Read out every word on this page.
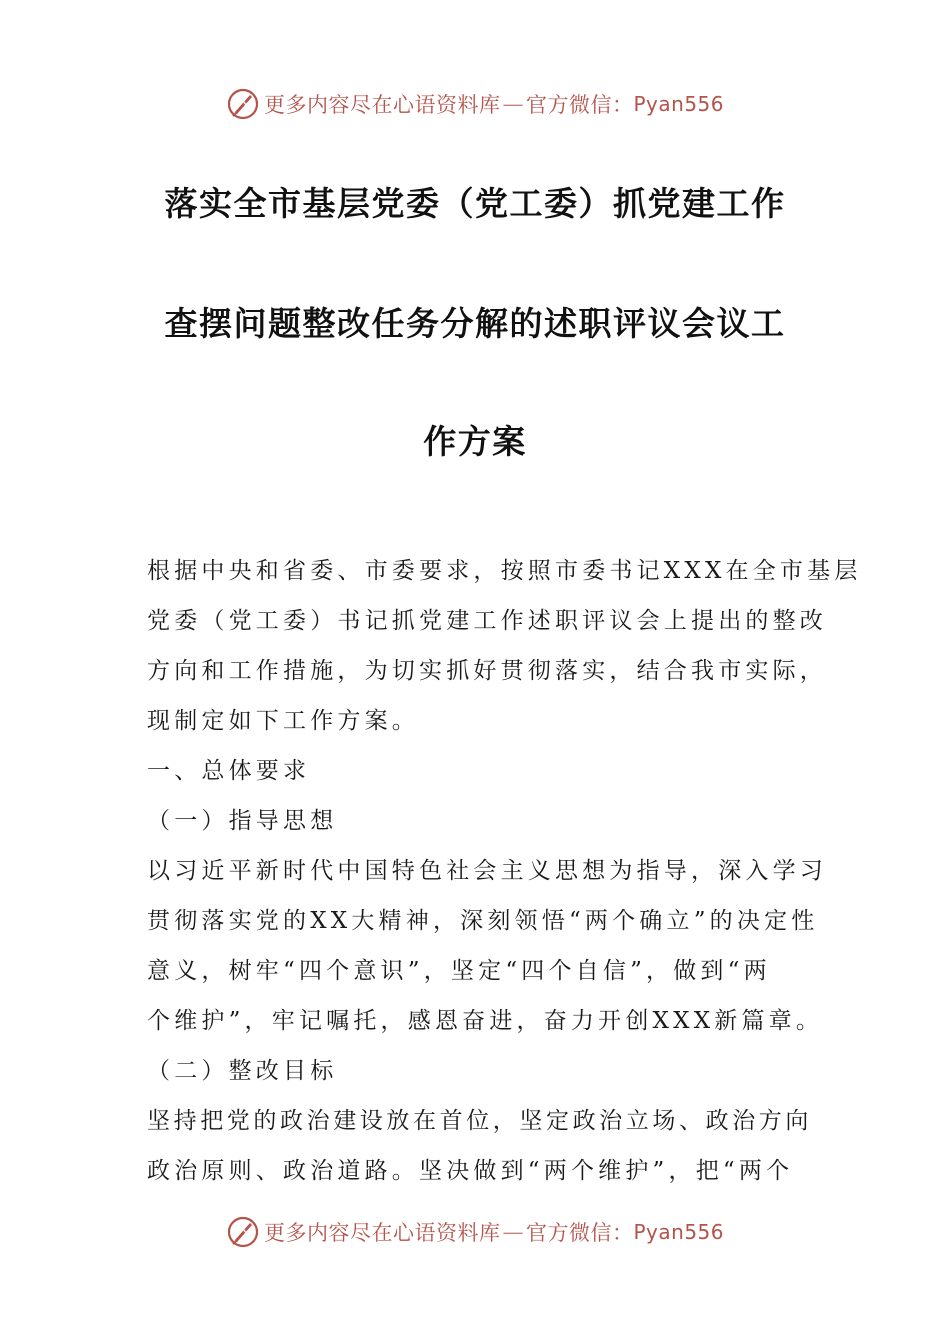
更多内容尽在心语资料库 — 官方微信： Pyan556
落实全市基层党委（党工委）抓党建工作
查摆问题整改任务分解的述职评议会议工
作方案
根据中央和省委、市委要求，按照市委书记XXX在全市基层
党委（党工委）书记抓党建工作述职评议会上提出的整改
方向和工作措施，为切实抓好贯彻落实，结合我市实际，
现制定如下工作方案。
一、总体要求
（一）指导思想
以习近平新时代中国特色社会主义思想为指导，深入学习
贯彻落实党的XX大精神，深刻领悟“两个确立”的决定性
意义，树牢“四个意识”，坚定“四个自信”，做到“两
个维护”，牢记嘱托，感恩奋进，奋力开创XXX新篇章。
（二）整改目标
坚持把党的政治建设放在首位，坚定政治立场、政治方向
政治原则、政治道路。坚决做到“两个维护”，把“两个
更多内容尽在心语资料库 — 官方微信： Pyan556
